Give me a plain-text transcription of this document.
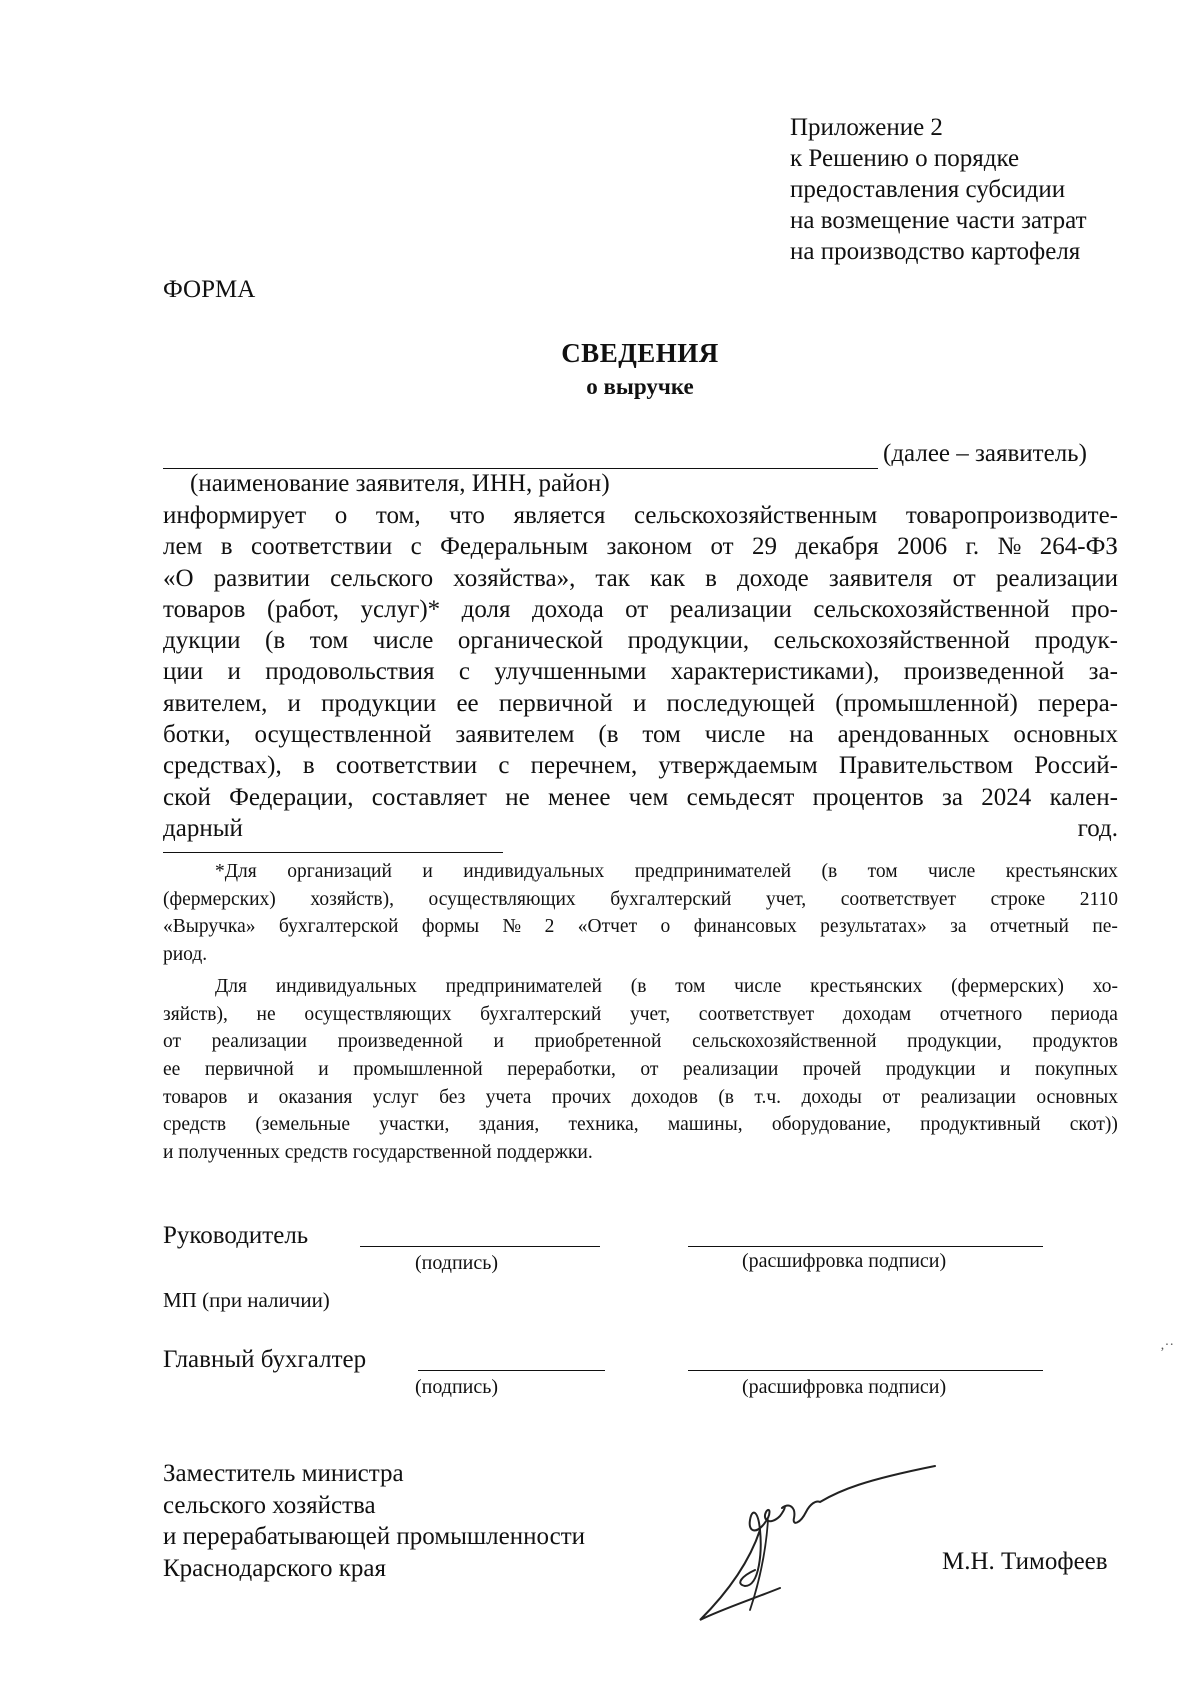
Приложение 2
к Решению о порядке
предоставления субсидии
на возмещение части затрат
на производство картофеля
ФОРМА
СВЕДЕНИЯ
о выручке
(далее – заявитель)
(наименование заявителя, ИНН, район)
информирует о том, что является сельскохозяйственным товаропроизводите-
лем в соответствии с Федеральным законом от 29 декабря 2006 г. № 264-ФЗ
«О развитии сельского хозяйства», так как в доходе заявителя от реализации
товаров (работ, услуг)* доля дохода от реализации сельскохозяйственной про-
дукции (в том числе органической продукции, сельскохозяйственной продук-
ции и продовольствия с улучшенными характеристиками), произведенной за-
явителем, и продукции ее первичной и последующей (промышленной) перера-
ботки, осуществленной заявителем (в том числе на арендованных основных
средствах), в соответствии с перечнем, утверждаемым Правительством Россий-
ской Федерации, составляет не менее чем семьдесят процентов за 2024 кален-
дарный год.
*Для организаций и индивидуальных предпринимателей (в том числе крестьянских
(фермерских) хозяйств), осуществляющих бухгалтерский учет, соответствует строке 2110
«Выручка» бухгалтерской формы № 2 «Отчет о финансовых результатах» за отчетный пе-
риод.
Для индивидуальных предпринимателей (в том числе крестьянских (фермерских) хо-
зяйств), не осуществляющих бухгалтерский учет, соответствует доходам отчетного периода
от реализации произведенной и приобретенной сельскохозяйственной продукции, продуктов
ее первичной и промышленной переработки, от реализации прочей продукции и покупных
товаров и оказания услуг без учета прочих доходов (в т.ч. доходы от реализации основных
средств (земельные участки, здания, техника, машины, оборудование, продуктивный скот))
и полученных средств государственной поддержки.
Руководитель
(подпись)	(расшифровка подписи)
МП (при наличии)
Главный бухгалтер
(подпись)	(расшифровка подписи)
Заместитель министра
сельского хозяйства
и перерабатывающей промышленности
Краснодарского края	М.Н. Тимофеев
‚··
